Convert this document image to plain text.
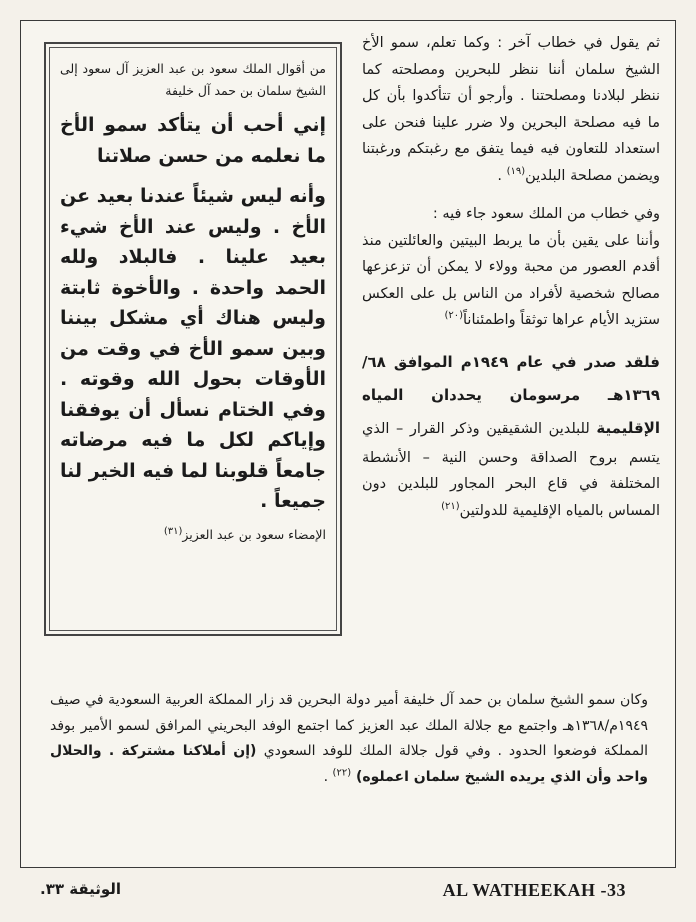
ثم يقول في خطاب آخر : وكما تعلم، سمو الأخ الشيخ سلمان أننا ننظر للبحرين ومصلحته كما ننظر لبلادنا ومصلحتنا . وأرجو أن تتأكدوا بأن كل ما فيه مصلحة البحرين ولا ضرر علينا فنحن على استعداد للتعاون فيه فيما يتفق مع رغبتكم ورغبتنا ويضمن مصلحة البلدين$^{(١٩)}$ .

وفي خطاب من الملك سعود جاء فيه :
وأننا على يقين بأن ما يربط البيتين والعائلتين منذ أقدم العصور من محبة وولاء لا يمكن أن تزعزعها مصالح شخصية لأفراد من الناس بل على العكس ستزيد الأيام عراها توثقاً واطمئناناً$^{(٢٠)}$

فلقد صدر في عام ١٩٤٩م الموافق ٦٨/ ١٣٦٩هـ مرسومان يحددان المياه الإقليمية للبلدين الشقيقين وذكر القرار – الذي يتسم بروح الصداقة وحسن النية – الأنشطة المختلفة في قاع البحر المجاور للبلدين دون المساس بالمياه الإقليمية للدولتين$^{(٢١)}$

من أقوال الملك سعود بن عبد العزيز آل سعود إلى الشيخ سلمان بن حمد آل خليفة

إني أحب أن يتأكد سمو الأخ ما نعلمه من حسن صلاتنا

وأنه ليس شيئاً عندنا بعيد عن الأخ . وليس عند الأخ شيء بعيد علينا . فالبلاد ولله الحمد واحدة . والأخوة ثابتة وليس هناك أي مشكل بيننا وبين سمو الأخ في وقت من الأوقات بحول الله وقوته . وفي الختام نسأل أن يوفقنا وإياكم لكل ما فيه مرضاته جامعاً قلوبنا لما فيه الخير لنا جميعاً .

الإمضاء سعود بن عبد العزيز$^{(٣١)}$

وكان سمو الشيخ سلمان بن حمد آل خليفة أمير دولة البحرين قد زار المملكة العربية السعودية في صيف ١٩٤٩م/١٣٦٨هـ واجتمع مع جلالة الملك عبد العزيز كما اجتمع الوفد البحريني المرافق لسمو الأمير بوفد المملكة فوضعوا الحدود . وفي قول جلالة الملك للوفد السعودي (إن أملاكنا مشتركة . والحلال واحد وأن الذي يريده الشيخ سلمان اعملوه) $^{(٢٢)}$ .

AL WATHEEKAH -33
الوثيقة ٣٣.
